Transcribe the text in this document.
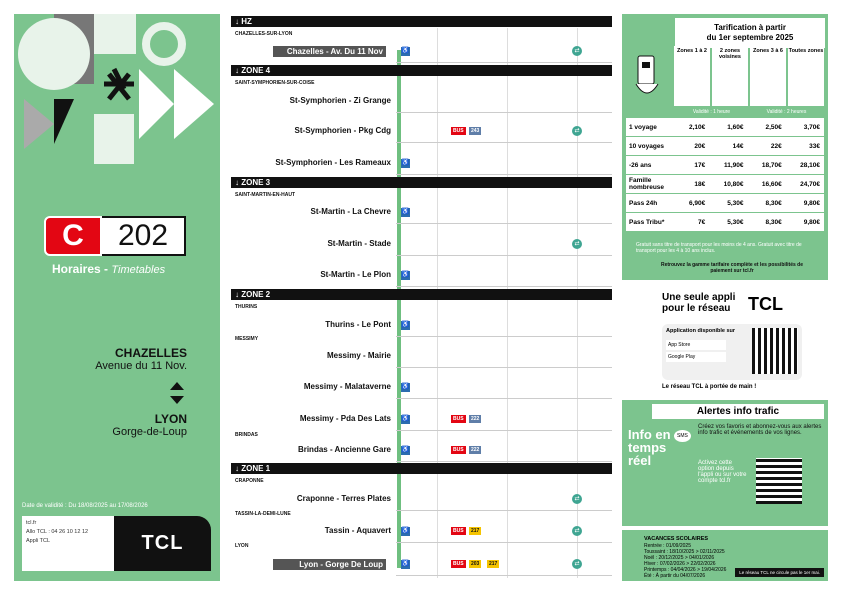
C	202
Horaires - Timetables
CHAZELLES
Avenue du 11 Nov.
LYON
Gorge-de-Loup
Date de validité : Du 18/08/2025 au 17/08/2026
tcl.fr
Allo TCL : 04 26 10 12 12
Appli TCL	TCL
↓ HZ
↓ ZONE 4
↓ ZONE 3
↓ ZONE 2
↓ ZONE 1
CHAZELLES-SUR-LYON
SAINT-SYMPHORIEN-SUR-COISE
SAINT-MARTIN-EN-HAUT
THURINS
MESSIMY
BRINDAS
CRAPONNE
TASSIN-LA-DEMI-LUNE
LYON
Chazelles - Av. Du 11 Nov	♿	⇄
St-Symphorien - Zi Grange
St-Symphorien - Pkg Cdg	BUS	243	⇄
St-Symphorien - Les Rameaux ♿
St-Martin - La Chevre ♿
St-Martin - Stade	⇄
St-Martin - Le Plon ♿
Thurins - Le Pont ♿
Messimy - Mairie
Messimy - Malataverne ♿
Messimy - Pda Des Lats ♿	BUS	222
Brindas - Ancienne Gare ♿	BUS	222
Craponne - Terres Plates	⇄
Tassin - Aquavert ♿	BUS	217	⇄
Lyon - Gorge De Loup	♿	BUS	203	217	⇄
Tarification à partir
du 1er septembre 2025
Zones 1 à 2	2 zones voisines
Zones 3 à 6	Toutes zones
Validité : 1 heure	Validité : 2 heures
1 voyage	2,10€	1,60€	2,50€	3,70€
10 voyages	20€	14€	22€	33€
-26 ans	17€	11,90€	18,70€	28,10€
Famille nombreuse	18€	10,80€	16,60€	24,70€
Pass 24h	6,90€	5,30€	8,30€	9,80€
Pass Tribu*	7€	5,30€	8,30€	9,80€
Gratuit sans titre de transport pour les moins de 4 ans. Gratuit avec titre de transport pour les 4 à 10 ans inclus.
Retrouvez la gamme tarifaire complète et les possibilités de paiement sur tcl.fr
Une seule appli pour le réseau TCL
Application disponible sur
App Store
Google Play
Le réseau TCL à portée de main !
Alertes info trafic
Créez vos favoris et abonnez-vous aux alertes info trafic et événements de vos lignes.
Info en temps réel
SMS
Activez cette option depuis l'appli ou sur votre compte tcl.fr
VACANCES SCOLAIRES
Rentrée : 01/09/2025
Toussaint : 18/10/2025 > 02/11/2025
Noël : 20/12/2025 > 04/01/2026
Hiver : 07/02/2026 > 22/02/2026
Printemps : 04/04/2026 > 19/04/2026
Été : À partir du 04/07/2026
Le réseau TCL ne circule pas le 1er mai.
